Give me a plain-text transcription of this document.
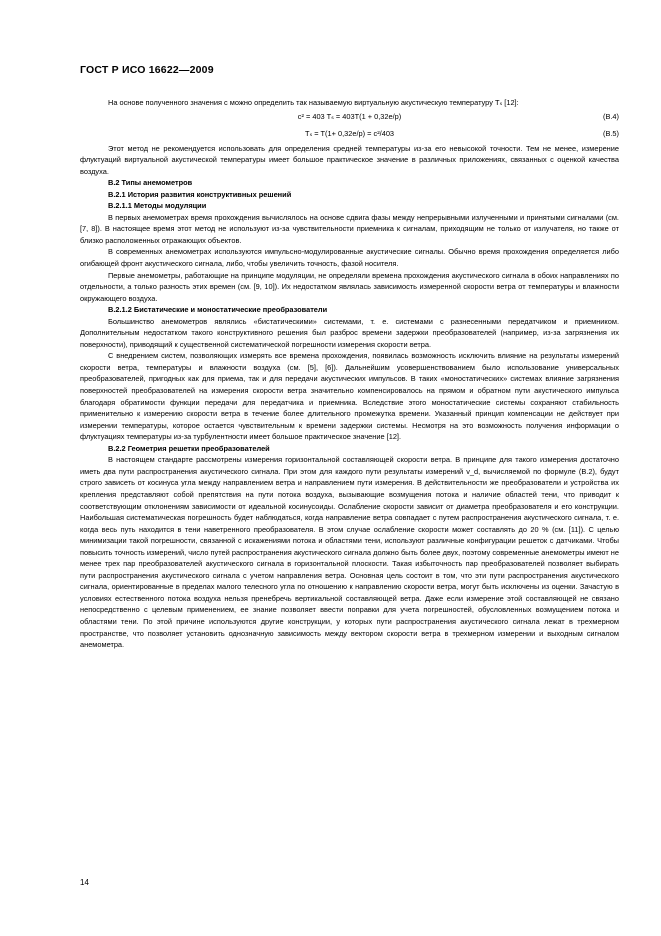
ГОСТ Р ИСО 16622—2009

На основе полученного значения c можно определить так называемую виртуальную акустическую температуру Tₛ [12]:

c² = 403 Tₛ = 403T(1 + 0,32e/p)	(В.4)
Tₛ = T(1+ 0,32e/p) = c²/403	(В.5)

Этот метод не рекомендуется использовать для определения средней температуры из-за его невысокой точности. Тем не менее, измерение флуктуаций виртуальной акустической температуры имеет большое практическое значение в различных приложениях, связанных с оценкой качества воздуха.

В.2 Типы анемометров

В.2.1 История развития конструктивных решений

В.2.1.1 Методы модуляции

В первых анемометрах время прохождения вычислялось на основе сдвига фазы между непрерывными излученными и принятыми сигналами (см. [7, 8]). В настоящее время этот метод не используют из-за чувствительности приемника к сигналам, приходящим не только от излучателя, но также от близко расположенных отражающих объектов.

В современных анемометрах используются импульсно-модулированные акустические сигналы. Обычно время прохождения определяется либо огибающей фронт акустического сигнала, либо, чтобы увеличить точность, фазой носителя.

Первые анемометры, работающие на принципе модуляции, не определяли времена прохождения акустического сигнала в обоих направлениях по отдельности, а только разность этих времен (см. [9, 10]). Их недостатком являлась зависимость измеренной скорости ветра от температуры и влажности окружающего воздуха.

В.2.1.2 Бистатические и моностатические преобразователи

Большинство анемометров являлись «бистатическими» системами, т. е. системами с разнесенными передатчиком и приемником. Дополнительным недостатком такого конструктивного решения был разброс времени задержки преобразователей (например, из-за загрязнения их поверхности), приводящий к существенной систематической погрешности измерения скорости ветра.

С внедрением систем, позволяющих измерять все времена прохождения, появилась возможность исключить влияние на результаты измерений скорости ветра, температуры и влажности воздуха (см. [5], [6]). Дальнейшим усовершенствованием было использование универсальных преобразователей, пригодных как для приема, так и для передачи акустических импульсов. В таких «моностатических» системах влияние загрязнения поверхностей преобразователей на измерения скорости ветра значительно компенсировалось на прямом и обратном пути акустического импульса благодаря обратимости функции передачи для передатчика и приемника. Вследствие этого моностатические системы сохраняют стабильность применительно к измерению скорости ветра в течение более длительного промежутка времени. Указанный принцип компенсации не действует при измерении температуры, которое остается чувствительным к времени задержки системы. Несмотря на это возможность получения информации о флуктуациях температуры из-за турбулентности имеет большое практическое значение [12].

В.2.2 Геометрия решетки преобразователей

В настоящем стандарте рассмотрены измерения горизонтальной составляющей скорости ветра. В принципе для такого измерения достаточно иметь два пути распространения акустического сигнала. При этом для каждого пути результаты измерений v_d, вычисляемой по формуле (В.2), будут строго зависеть от косинуса угла между направлением ветра и направлением пути измерения. В действительности же преобразователи и устройства их крепления представляют собой препятствия на пути потока воздуха, вызывающие возмущения потока и наличие областей тени, что приводит к соответствующим отклонениям зависимости от идеальной косинусоиды. Ослабление скорости зависит от диаметра преобразователя и его конструкции. Наибольшая систематическая погрешность будет наблюдаться, когда направление ветра совпадает с путем распространения акустического сигнала, т. е. когда весь путь находится в тени наветренного преобразователя. В этом случае ослабление скорости может составлять до 20 % (см. [11]). С целью минимизации такой погрешности, связанной с искажениями потока и областями тени, используют различные конфигурации решеток с датчиками. Чтобы повысить точность измерений, число путей распространения акустического сигнала должно быть более двух, поэтому современные анемометры имеют не менее трех пар преобразователей акустического сигнала в горизонтальной плоскости. Такая избыточность пар преобразователей позволяет выбирать пути распространения акустического сигнала с учетом направления ветра. Основная цель состоит в том, что эти пути распространения акустического сигнала, ориентированные в пределах малого телесного угла по отношению к направлению скорости ветра, могут быть исключены из оценки. Зачастую в условиях естественного потока воздуха нельзя пренебречь вертикальной составляющей ветра. Даже если измерение этой составляющей не связано непосредственно с целевым применением, ее знание позволяет ввести поправки для учета погрешностей, обусловленных возмущением потока и областями тени. По этой причине используются другие конструкции, у которых пути распространения акустического сигнала лежат в трехмерном пространстве, что позволяет установить однозначную зависимость между вектором скорости ветра в трехмерном измерении и выходным сигналом анемометра.

14
